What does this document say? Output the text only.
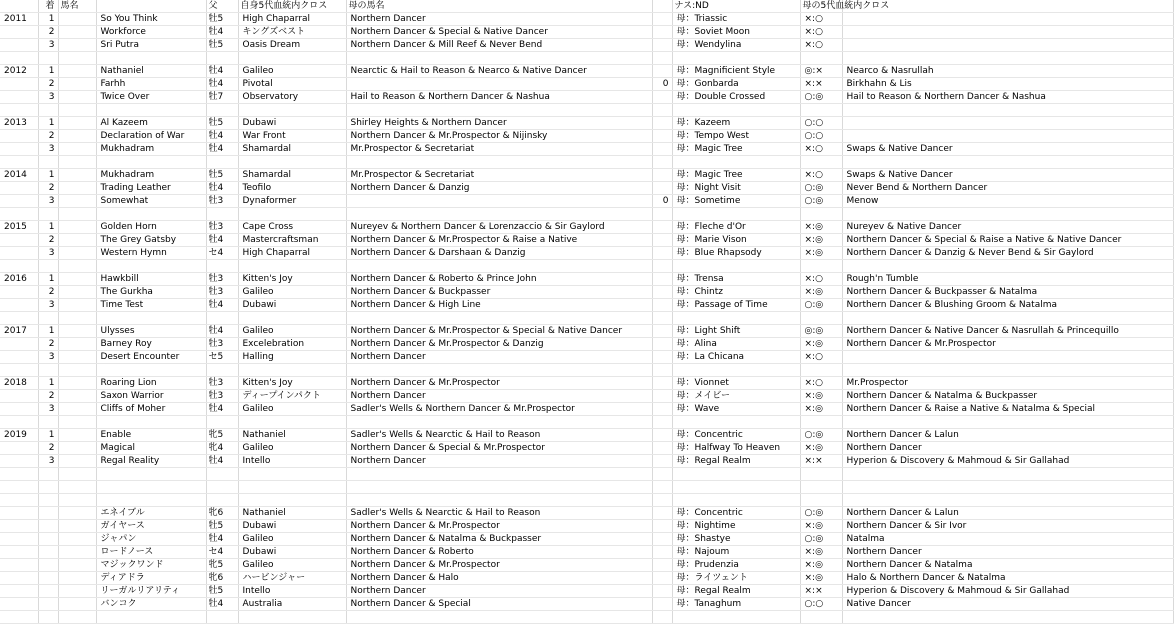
	着	馬名		父	自身5代血統内クロス	母の馬名		ナス:ND	母の5代血統内クロス	
2011	1		So You Think	牡5	High Chaparral	Northern Dancer		母：Triassic	×:○	
	2		Workforce	牡4	キングズベスト	Northern Dancer & Special & Native Dancer		母：Soviet Moon	×:○	
	3		Sri Putra	牡5	Oasis Dream	Northern Dancer & Mill Reef & Never Bend		母：Wendylina	×:○	

2012	1		Nathaniel	牡4	Galileo	Nearctic & Hail to Reason & Nearco & Native Dancer		母：Magnificient Style	◎:×	Nearco & Nasrullah
	2		Farhh	牡4	Pivotal		0	母：Gonbarda	×:×	Birkhahn & Lis
	3		Twice Over	牡7	Observatory	Hail to Reason & Northern Dancer & Nashua		母：Double Crossed	○:◎	Hail to Reason & Northern Dancer & Nashua

2013	1		Al Kazeem	牡5	Dubawi	Shirley Heights & Northern Dancer		母：Kazeem	○:○	
	2		Declaration of War	牡4	War Front	Northern Dancer & Mr.Prospector & Nijinsky		母：Tempo West	○:○	
	3		Mukhadram	牡4	Shamardal	Mr.Prospector & Secretariat		母：Magic Tree	×:○	Swaps & Native Dancer

2014	1		Mukhadram	牡5	Shamardal	Mr.Prospector & Secretariat		母：Magic Tree	×:○	Swaps & Native Dancer
	2		Trading Leather	牡4	Teofilo	Northern Dancer & Danzig		母：Night Visit	○:◎	Never Bend & Northern Dancer
	3		Somewhat	牡3	Dynaformer		0	母：Sometime	○:◎	Menow

2015	1		Golden Horn	牡3	Cape Cross	Nureyev & Northern Dancer & Lorenzaccio & Sir Gaylord		母：Fleche d'Or	×:◎	Nureyev & Native Dancer
	2		The Grey Gatsby	牡4	Mastercraftsman	Northern Dancer & Mr.Prospector & Raise a Native		母：Marie Vison	×:◎	Northern Dancer & Special & Raise a Native & Native Dancer
	3		Western Hymn	セ4	High Chaparral	Northern Dancer & Darshaan & Danzig		母：Blue Rhapsody	×:◎	Northern Dancer & Danzig & Never Bend & Sir Gaylord

2016	1		Hawkbill	牡3	Kitten's Joy	Northern Dancer & Roberto & Prince John		母：Trensa	×:○	Rough'n Tumble
	2		The Gurkha	牡3	Galileo	Northern Dancer & Buckpasser		母：Chintz	×:◎	Northern Dancer & Buckpasser & Natalma
	3		Time Test	牡4	Dubawi	Northern Dancer & High Line		母：Passage of Time	○:◎	Northern Dancer & Blushing Groom & Natalma

2017	1		Ulysses	牡4	Galileo	Northern Dancer & Mr.Prospector & Special & Native Dancer		母：Light Shift	◎:◎	Northern Dancer & Native Dancer & Nasrullah & Princequillo
	2		Barney Roy	牡3	Excelebration	Northern Dancer & Mr.Prospector & Danzig		母：Alina	×:◎	Northern Dancer & Mr.Prospector
	3		Desert Encounter	セ5	Halling	Northern Dancer		母：La Chicana	×:○	

2018	1		Roaring Lion	牡3	Kitten's Joy	Northern Dancer & Mr.Prospector		母：Vionnet	×:○	Mr.Prospector
	2		Saxon Warrior	牡3	ディープインパクト	Northern Dancer		母：メイビー	×:◎	Northern Dancer & Natalma & Buckpasser
	3		Cliffs of Moher	牡4	Galileo	Sadler's Wells & Northern Dancer & Mr.Prospector		母：Wave	×:◎	Northern Dancer & Raise a Native & Natalma & Special

2019	1		Enable	牝5	Nathaniel	Sadler's Wells & Nearctic & Hail to Reason		母：Concentric	○:◎	Northern Dancer & Lalun
	2		Magical	牝4	Galileo	Northern Dancer & Special & Mr.Prospector		母：Halfway To Heaven	×:◎	Northern Dancer
	3		Regal Reality	牡4	Intello	Northern Dancer		母：Regal Realm	×:×	Hyperion & Discovery & Mahmoud & Sir Gallahad

			エネイブル	牝6	Nathaniel	Sadler's Wells & Nearctic & Hail to Reason		母：Concentric	○:◎	Northern Dancer & Lalun
			ガイヤース	牡5	Dubawi	Northern Dancer & Mr.Prospector		母：Nightime	×:◎	Northern Dancer & Sir Ivor
			ジャパン	牡4	Galileo	Northern Dancer & Natalma & Buckpasser		母：Shastye	○:◎	Natalma
			ロードノース	セ4	Dubawi	Northern Dancer & Roberto		母：Najoum	×:◎	Northern Dancer
			マジックワンド	牝5	Galileo	Northern Dancer & Mr.Prospector		母：Prudenzia	×:◎	Northern Dancer & Natalma
			ディアドラ	牝6	ハービンジャー	Northern Dancer & Halo		母：ライツェント	×:◎	Halo & Northern Dancer & Natalma
			リーガルリアリティ	牡5	Intello	Northern Dancer		母：Regal Realm	×:×	Hyperion & Discovery & Mahmoud & Sir Gallahad
			バンコク	牡4	Australia	Northern Dancer & Special		母：Tanaghum	○:○	Native Dancer
